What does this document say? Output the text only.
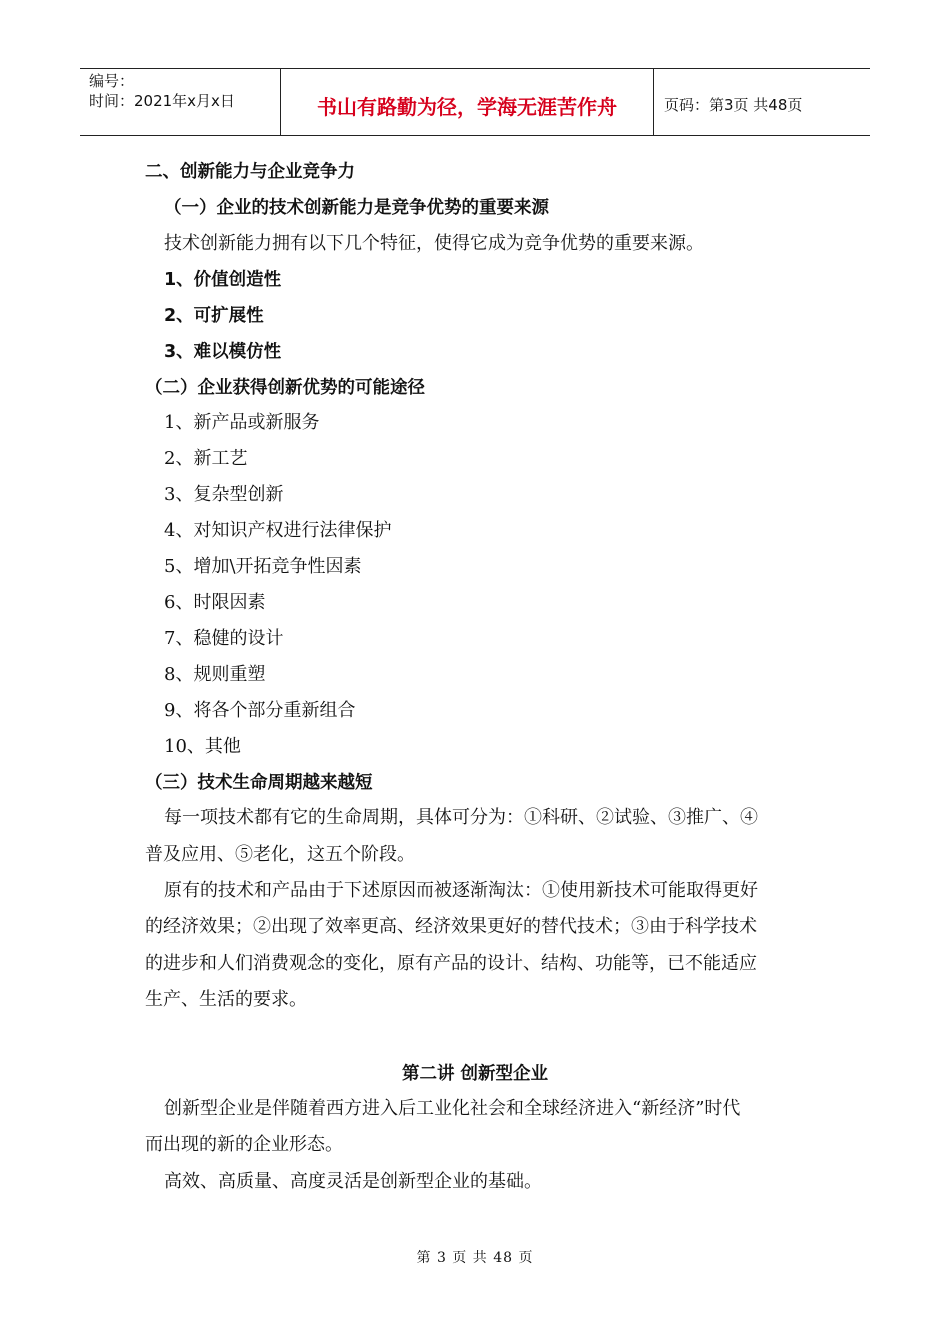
编号：
时间：2021年x月x日	书山有路勤为径，学海无涯苦作舟	页码：第3页 共48页
二、创新能力与企业竞争力
（一）企业的技术创新能力是竞争优势的重要来源
技术创新能力拥有以下几个特征，使得它成为竞争优势的重要来源。
1、价值创造性
2、可扩展性
3、难以模仿性
（二）企业获得创新优势的可能途径
1、新产品或新服务
2、新工艺
3、复杂型创新
4、对知识产权进行法律保护
5、增加\开拓竞争性因素
6、时限因素
7、稳健的设计
8、规则重塑
9、将各个部分重新组合
10、其他
（三）技术生命周期越来越短
每一项技术都有它的生命周期，具体可分为：①科研、②试验、③推广、④
普及应用、⑤老化，这五个阶段。
原有的技术和产品由于下述原因而被逐渐淘汰：①使用新技术可能取得更好
的经济效果；②出现了效率更高、经济效果更好的替代技术；③由于科学技术
的进步和人们消费观念的变化，原有产品的设计、结构、功能等，已不能适应
生产、生活的要求。
第二讲 创新型企业
创新型企业是伴随着西方进入后工业化社会和全球经济进入“新经济”时代
而出现的新的企业形态。
高效、高质量、高度灵活是创新型企业的基础。
第 3 页 共 48 页
